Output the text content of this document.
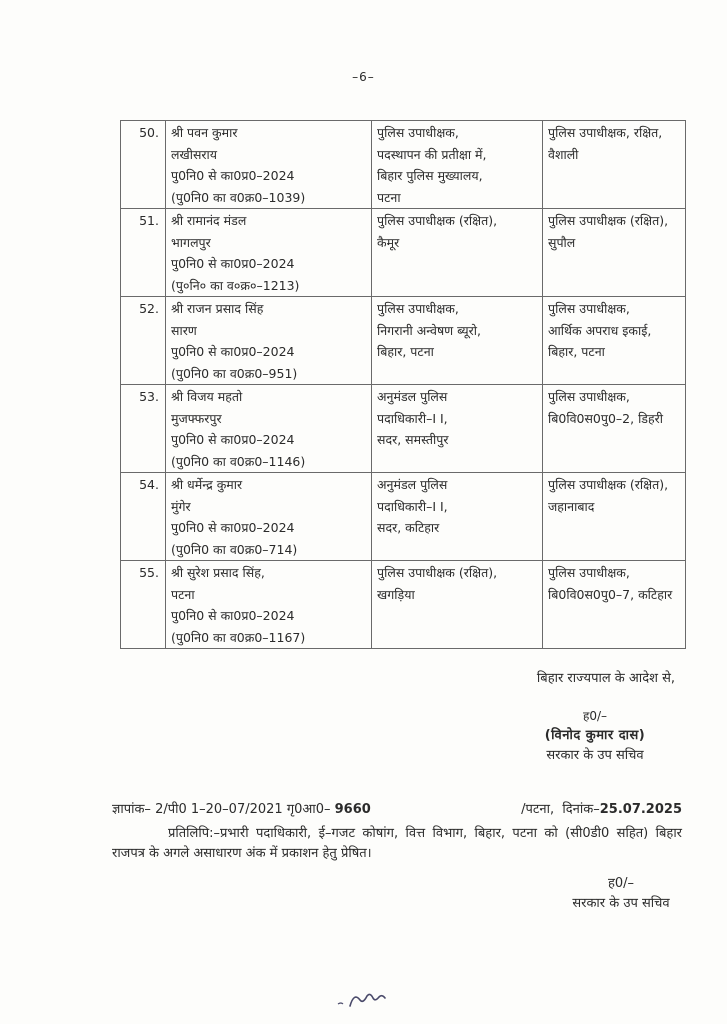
–6–
50.	श्री पवन कुमार
लखीसराय
पु0नि0 से का0प्र0–2024
(पु0नि0 का व0क्र0–1039)	पुलिस उपाधीक्षक,
पदस्थापन की प्रतीक्षा में,
बिहार पुलिस मुख्यालय,
पटना	पुलिस उपाधीक्षक, रक्षित,
वैशाली

51.	श्री रामानंद मंडल
भागलपुर
पु0नि0 से का0प्र0–2024
(पु०नि० का व०क्र०–1213)	पुलिस उपाधीक्षक (रक्षित),
कैमूर	पुलिस उपाधीक्षक (रक्षित),
सुपौल

52.	श्री राजन प्रसाद सिंह
सारण
पु0नि0 से का0प्र0–2024
(पु0नि0 का व0क्र0–951)	पुलिस उपाधीक्षक,
निगरानी अन्वेषण ब्यूरो,
बिहार, पटना	पुलिस उपाधीक्षक,
आर्थिक अपराध इकाई,
बिहार, पटना

53.	श्री विजय महतो
मुजफ्फरपुर
पु0नि0 से का0प्र0–2024
(पु0नि0 का व0क्र0–1146)	अनुमंडल पुलिस
पदाधिकारी–I I,
सदर, समस्तीपुर	पुलिस उपाधीक्षक,
बि0वि0स0पु0–2, डिहरी

54.	श्री धर्मेन्द्र कुमार
मुंगेर
पु0नि0 से का0प्र0–2024
(पु0नि0 का व0क्र0–714)	अनुमंडल पुलिस
पदाधिकारी–I I,
सदर, कटिहार	पुलिस उपाधीक्षक (रक्षित),
जहानाबाद

55.	श्री सुरेश प्रसाद सिंह,
पटना
पु0नि0 से का0प्र0–2024
(पु0नि0 का व0क्र0–1167)	पुलिस उपाधीक्षक (रक्षित),
खगड़िया	पुलिस उपाधीक्षक,
बि0वि0स0पु0–7, कटिहार
बिहार राज्यपाल के आदेश से,
ह0/–
(विनोद कुमार दास)
सरकार के उप सचिव
ज्ञापांक– 2/पी0 1–20–07/2021 गृ0आ0– 9660	/पटना, दिनांक–25.07.2025
प्रतिलिपि:–प्रभारी पदाधिकारी, ई–गजट कोषांग, वित्त विभाग, बिहार, पटना को (सी0डी0 सहित) बिहार राजपत्र के अगले असाधारण अंक में प्रकाशन हेतु प्रेषित।
ह0/–
सरकार के उप सचिव
